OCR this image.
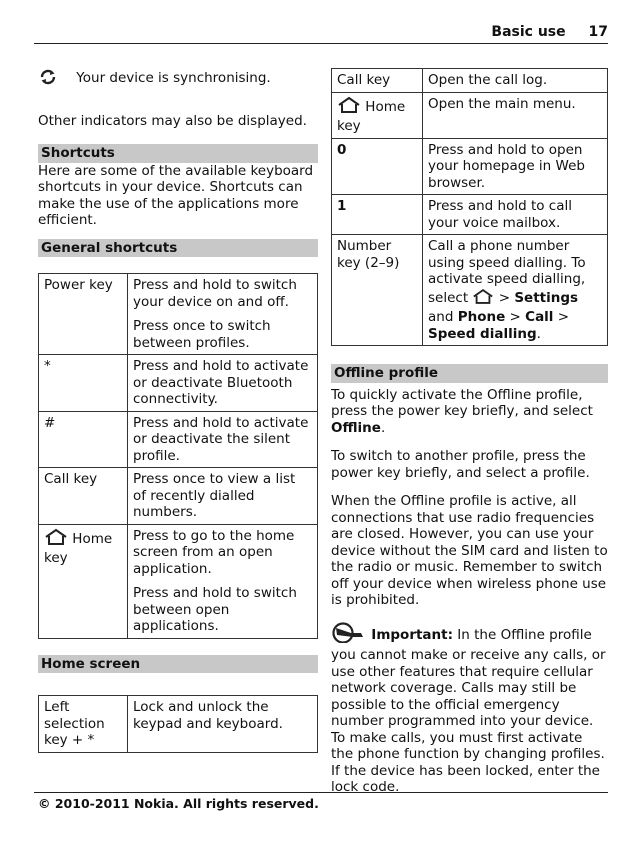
Basic use 17

Your device is synchronising.

Other indicators may also be displayed.

Shortcuts

Here are some of the available keyboard shortcuts in your device. Shortcuts can make the use of the applications more efficient.

General shortcuts

Power key	Press and hold to switch your device on and off.

Press once to switch between profiles.

*	Press and hold to activate or deactivate Bluetooth connectivity.
#	Press and hold to activate or deactivate the silent profile.
Call key	Press once to view a list of recently dialled numbers.
Home key	Press to go to the home screen from an open application.

Press and hold to switch between open applications.

Home screen

Left selection key + *	Lock and unlock the keypad and keyboard.
Call key	Open the call log.
Home key	Open the main menu.
0	Press and hold to open your homepage in Web browser.
1	Press and hold to call your voice mailbox.
Number key (2–9)	Call a phone number using speed dialling. To activate speed dialling, select  > Settings and Phone > Call > Speed dialling.

Offline profile

To quickly activate the Offline profile, press the power key briefly, and select Offline.

To switch to another profile, press the power key briefly, and select a profile.

When the Offline profile is active, all connections that use radio frequencies are closed. However, you can use your device without the SIM card and listen to the radio or music. Remember to switch off your device when wireless phone use is prohibited.

Important: In the Offline profile you cannot make or receive any calls, or use other features that require cellular network coverage. Calls may still be possible to the official emergency number programmed into your device. To make calls, you must first activate the phone function by changing profiles. If the device has been locked, enter the lock code.

© 2010-2011 Nokia. All rights reserved.
